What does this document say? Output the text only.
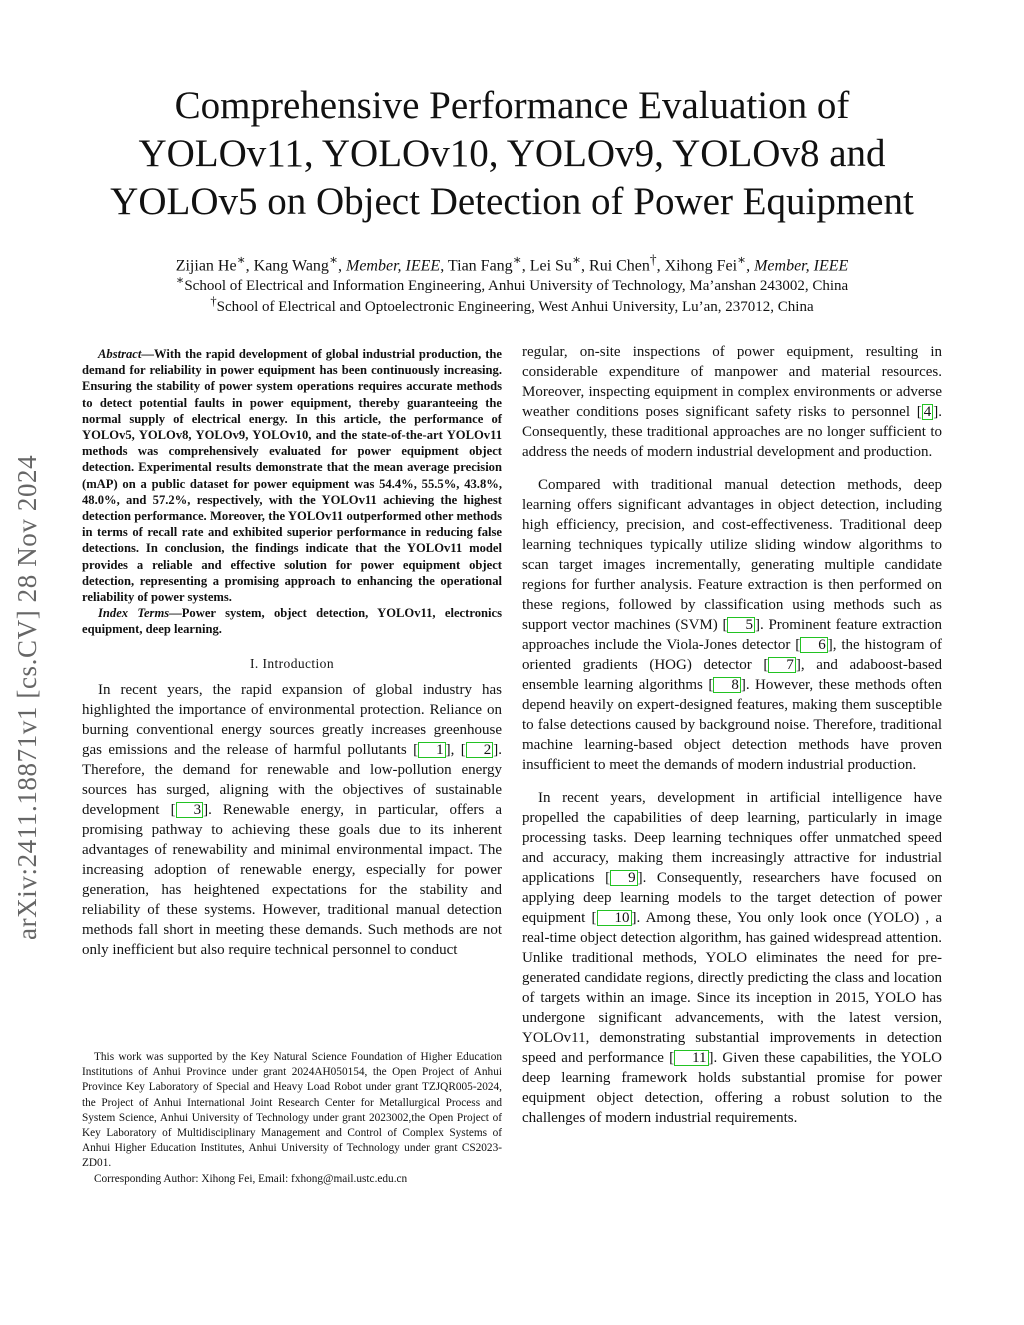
arXiv:2411.18871v1 [cs.CV] 28 Nov 2024
Comprehensive Performance Evaluation of
YOLOv11, YOLOv10, YOLOv9, YOLOv8 and
YOLOv5 on Object Detection of Power Equipment
Zijian He∗, Kang Wang∗, Member, IEEE, Tian Fang∗, Lei Su∗, Rui Chen†, Xihong Fei∗, Member, IEEE
∗School of Electrical and Information Engineering, Anhui University of Technology, Ma’anshan 243002, China
†School of Electrical and Optoelectronic Engineering, West Anhui University, Lu’an, 237012, China

Abstract—With the rapid development of global industrial production, the demand for reliability in power equipment has been continuously increasing. Ensuring the stability of power system operations requires accurate methods to detect potential faults in power equipment, thereby guaranteeing the normal supply of electrical energy. In this article, the performance of YOLOv5, YOLOv8, YOLOv9, YOLOv10, and the state-of-the-art YOLOv11 methods was comprehensively evaluated for power equipment object detection. Experimental results demonstrate that the mean average precision (mAP) on a public dataset for power equipment was 54.4%, 55.5%, 43.8%, 48.0%, and 57.2%, respectively, with the YOLOv11 achieving the highest detection performance. Moreover, the YOLOv11 outperformed other methods in terms of recall rate and exhibited superior performance in reducing false detections. In conclusion, the findings indicate that the YOLOv11 model provides a reliable and effective solution for power equipment object detection, representing a promising approach to enhancing the operational reliability of power systems.

Index Terms—Power system, object detection, YOLOv11, electronics equipment, deep learning.

I. Introduction

In recent years, the rapid expansion of global industry has highlighted the importance of environmental protection. Reliance on burning conventional energy sources greatly increases greenhouse gas emissions and the release of harmful pollutants [ 1 ], [ 2 ]. Therefore, the demand for renewable and low-pollution energy sources has surged, aligning with the objectives of sustainable development [ 3 ]. Renewable energy, in particular, offers a promising pathway to achieving these goals due to its inherent advantages of renewability and minimal environmental impact. The increasing adoption of renewable energy, especially for power generation, has heightened expectations for the stability and reliability of these systems. However, traditional manual detection methods fall short in meeting these demands. Such methods are not only inefficient but also require technical personnel to conduct

This work was supported by the Key Natural Science Foundation of Higher Education Institutions of Anhui Province under grant 2024AH050154, the Open Project of Anhui Province Key Laboratory of Special and Heavy Load Robot under grant TZJQR005-2024, the Project of Anhui International Joint Research Center for Metallurgical Process and System Science, Anhui University of Technology under grant 2023002,the Open Project of Key Laboratory of Multidisciplinary Management and Control of Complex Systems of Anhui Higher Education Institutes, Anhui University of Technology under grant CS2023-ZD01.

Corresponding Author: Xihong Fei, Email: fxhong@mail.ustc.edu.cn

regular, on-site inspections of power equipment, resulting in considerable expenditure of manpower and material resources. Moreover, inspecting equipment in complex environments or adverse weather conditions poses significant safety risks to personnel [ 4 ]. Consequently, these traditional approaches are no longer sufficient to address the needs of modern industrial development and production.

Compared with traditional manual detection methods, deep learning offers significant advantages in object detection, including high efficiency, precision, and cost-effectiveness. Traditional deep learning techniques typically utilize sliding window algorithms to scan target images incrementally, generating multiple candidate regions for further analysis. Feature extraction is then performed on these regions, followed by classification using methods such as support vector machines (SVM) [ 5 ]. Prominent feature extraction approaches include the Viola-Jones detector [ 6 ], the histogram of oriented gradients (HOG) detector [ 7 ], and adaboost-based ensemble learning algorithms [ 8 ]. However, these methods often depend heavily on expert-designed features, making them susceptible to false detections caused by background noise. Therefore, traditional machine learning-based object detection methods have proven insufficient to meet the demands of modern industrial production.

In recent years, development in artificial intelligence have propelled the capabilities of deep learning, particularly in image processing tasks. Deep learning techniques offer unmatched speed and accuracy, making them increasingly attractive for industrial applications [ 9 ]. Consequently, researchers have focused on applying deep learning models to the target detection of power equipment [ 10 ]. Among these, You only look once (YOLO) , a real-time object detection algorithm, has gained widespread attention. Unlike traditional methods, YOLO eliminates the need for pre-generated candidate regions, directly predicting the class and location of targets within an image. Since its inception in 2015, YOLO has undergone significant advancements, with the latest version, YOLOv11, demonstrating substantial improvements in detection speed and performance [ 11 ]. Given these capabilities, the YOLO deep learning framework holds substantial promise for power equipment object detection, offering a robust solution to the challenges of modern industrial requirements.
